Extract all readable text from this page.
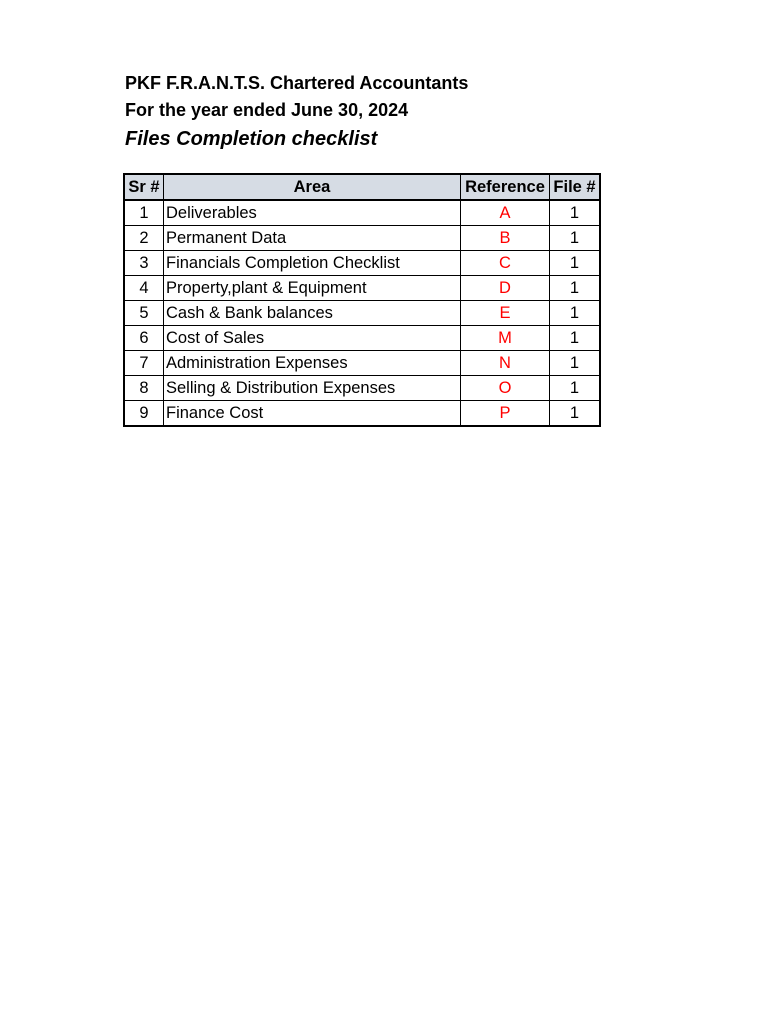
PKF F.R.A.N.T.S. Chartered Accountants
For the year ended June 30, 2024
Files Completion checklist
Sr #	Area	Reference	File #
1	Deliverables	A	1
2	Permanent Data	B	1
3	Financials Completion Checklist	C	1
4	Property,plant & Equipment	D	1
5	Cash & Bank balances	E	1
6	Cost of Sales	M	1
7	Administration Expenses	N	1
8	Selling & Distribution Expenses	O	1
9	Finance Cost	P	1
